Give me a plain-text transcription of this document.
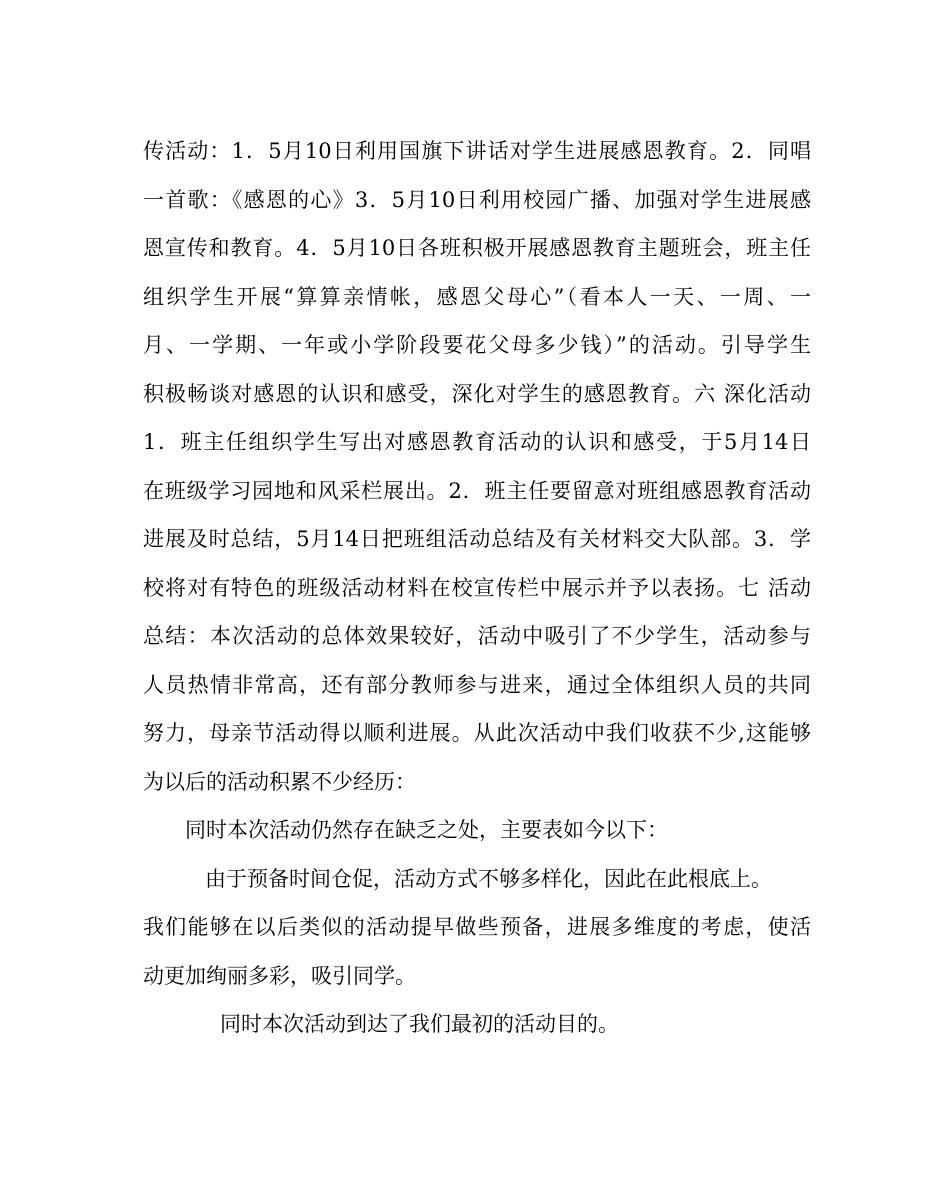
传活动：1．5月10日利用国旗下讲话对学生进展感恩教育。2．同唱
一首歌：《感恩的心》3．5月10日利用校园广播、加强对学生进展感
恩宣传和教育。4．5月10日各班积极开展感恩教育主题班会，班主任
组织学生开展“算算亲情帐，感恩父母心”（看本人一天、一周、一
月、一学期、一年或小学阶段要花父母多少钱）”的活动。引导学生
积极畅谈对感恩的认识和感受，深化对学生的感恩教育。六 深化活动
1．班主任组织学生写出对感恩教育活动的认识和感受，于5月14日
在班级学习园地和风采栏展出。2．班主任要留意对班组感恩教育活动
进展及时总结，5月14日把班组活动总结及有关材料交大队部。3．学
校将对有特色的班级活动材料在校宣传栏中展示并予以表扬。七 活动
总结：本次活动的总体效果较好，活动中吸引了不少学生，活动参与
人员热情非常高，还有部分教师参与进来，通过全体组织人员的共同
努力，母亲节活动得以顺利进展。从此次活动中我们收获不少,这能够
为以后的活动积累不少经历：
同时本次活动仍然存在缺乏之处，主要表如今以下：
由于预备时间仓促，活动方式不够多样化，因此在此根底上。
我们能够在以后类似的活动提早做些预备，进展多维度的考虑，使活
动更加绚丽多彩，吸引同学。
同时本次活动到达了我们最初的活动目的。
